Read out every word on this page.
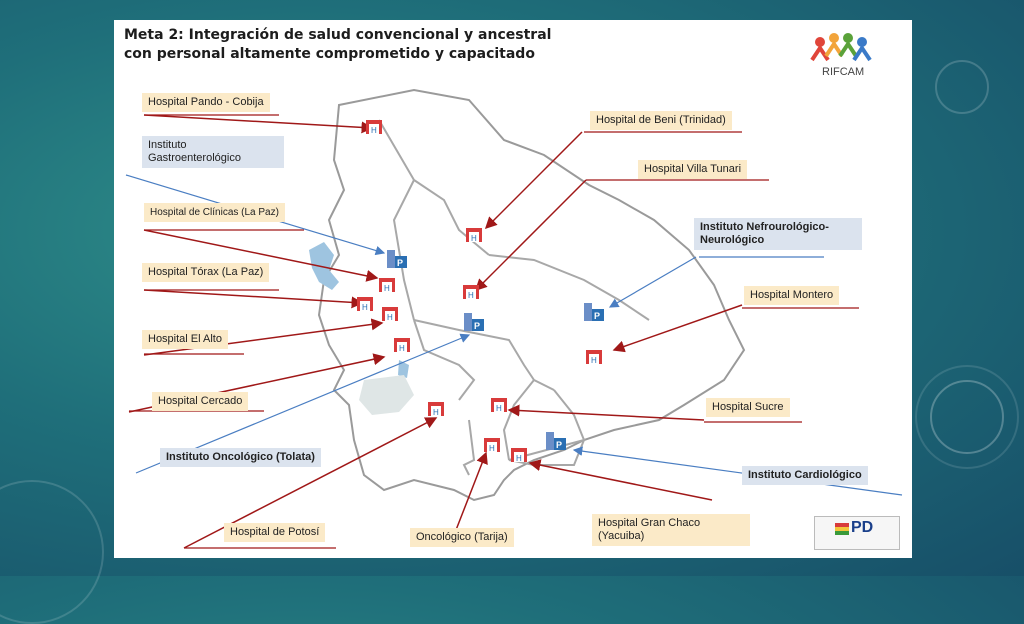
Meta 2: Integración de salud convencional y ancestral
con personal altamente comprometido y capacitado
H
H
H
H
H
H
H
H	H
H
H
H
P
P
P
P
RIFCAM
PD
Hospital Pando - Cobija
Instituto
Gastroenterológico
Hospital de Clínicas (La Paz)
Hospital Tórax (La Paz)
Hospital El Alto
Hospital Cercado
Instituto Oncológico (Tolata)
Hospital de Potosí	Oncológico (Tarija)
Hospital Gran Chaco
(Yacuiba)
Hospital de Beni (Trinidad)
Hospital Villa Tunari
Instituto Nefrourológico-
Neurológico
Hospital Montero
Hospital Sucre
Instituto Cardiológico
